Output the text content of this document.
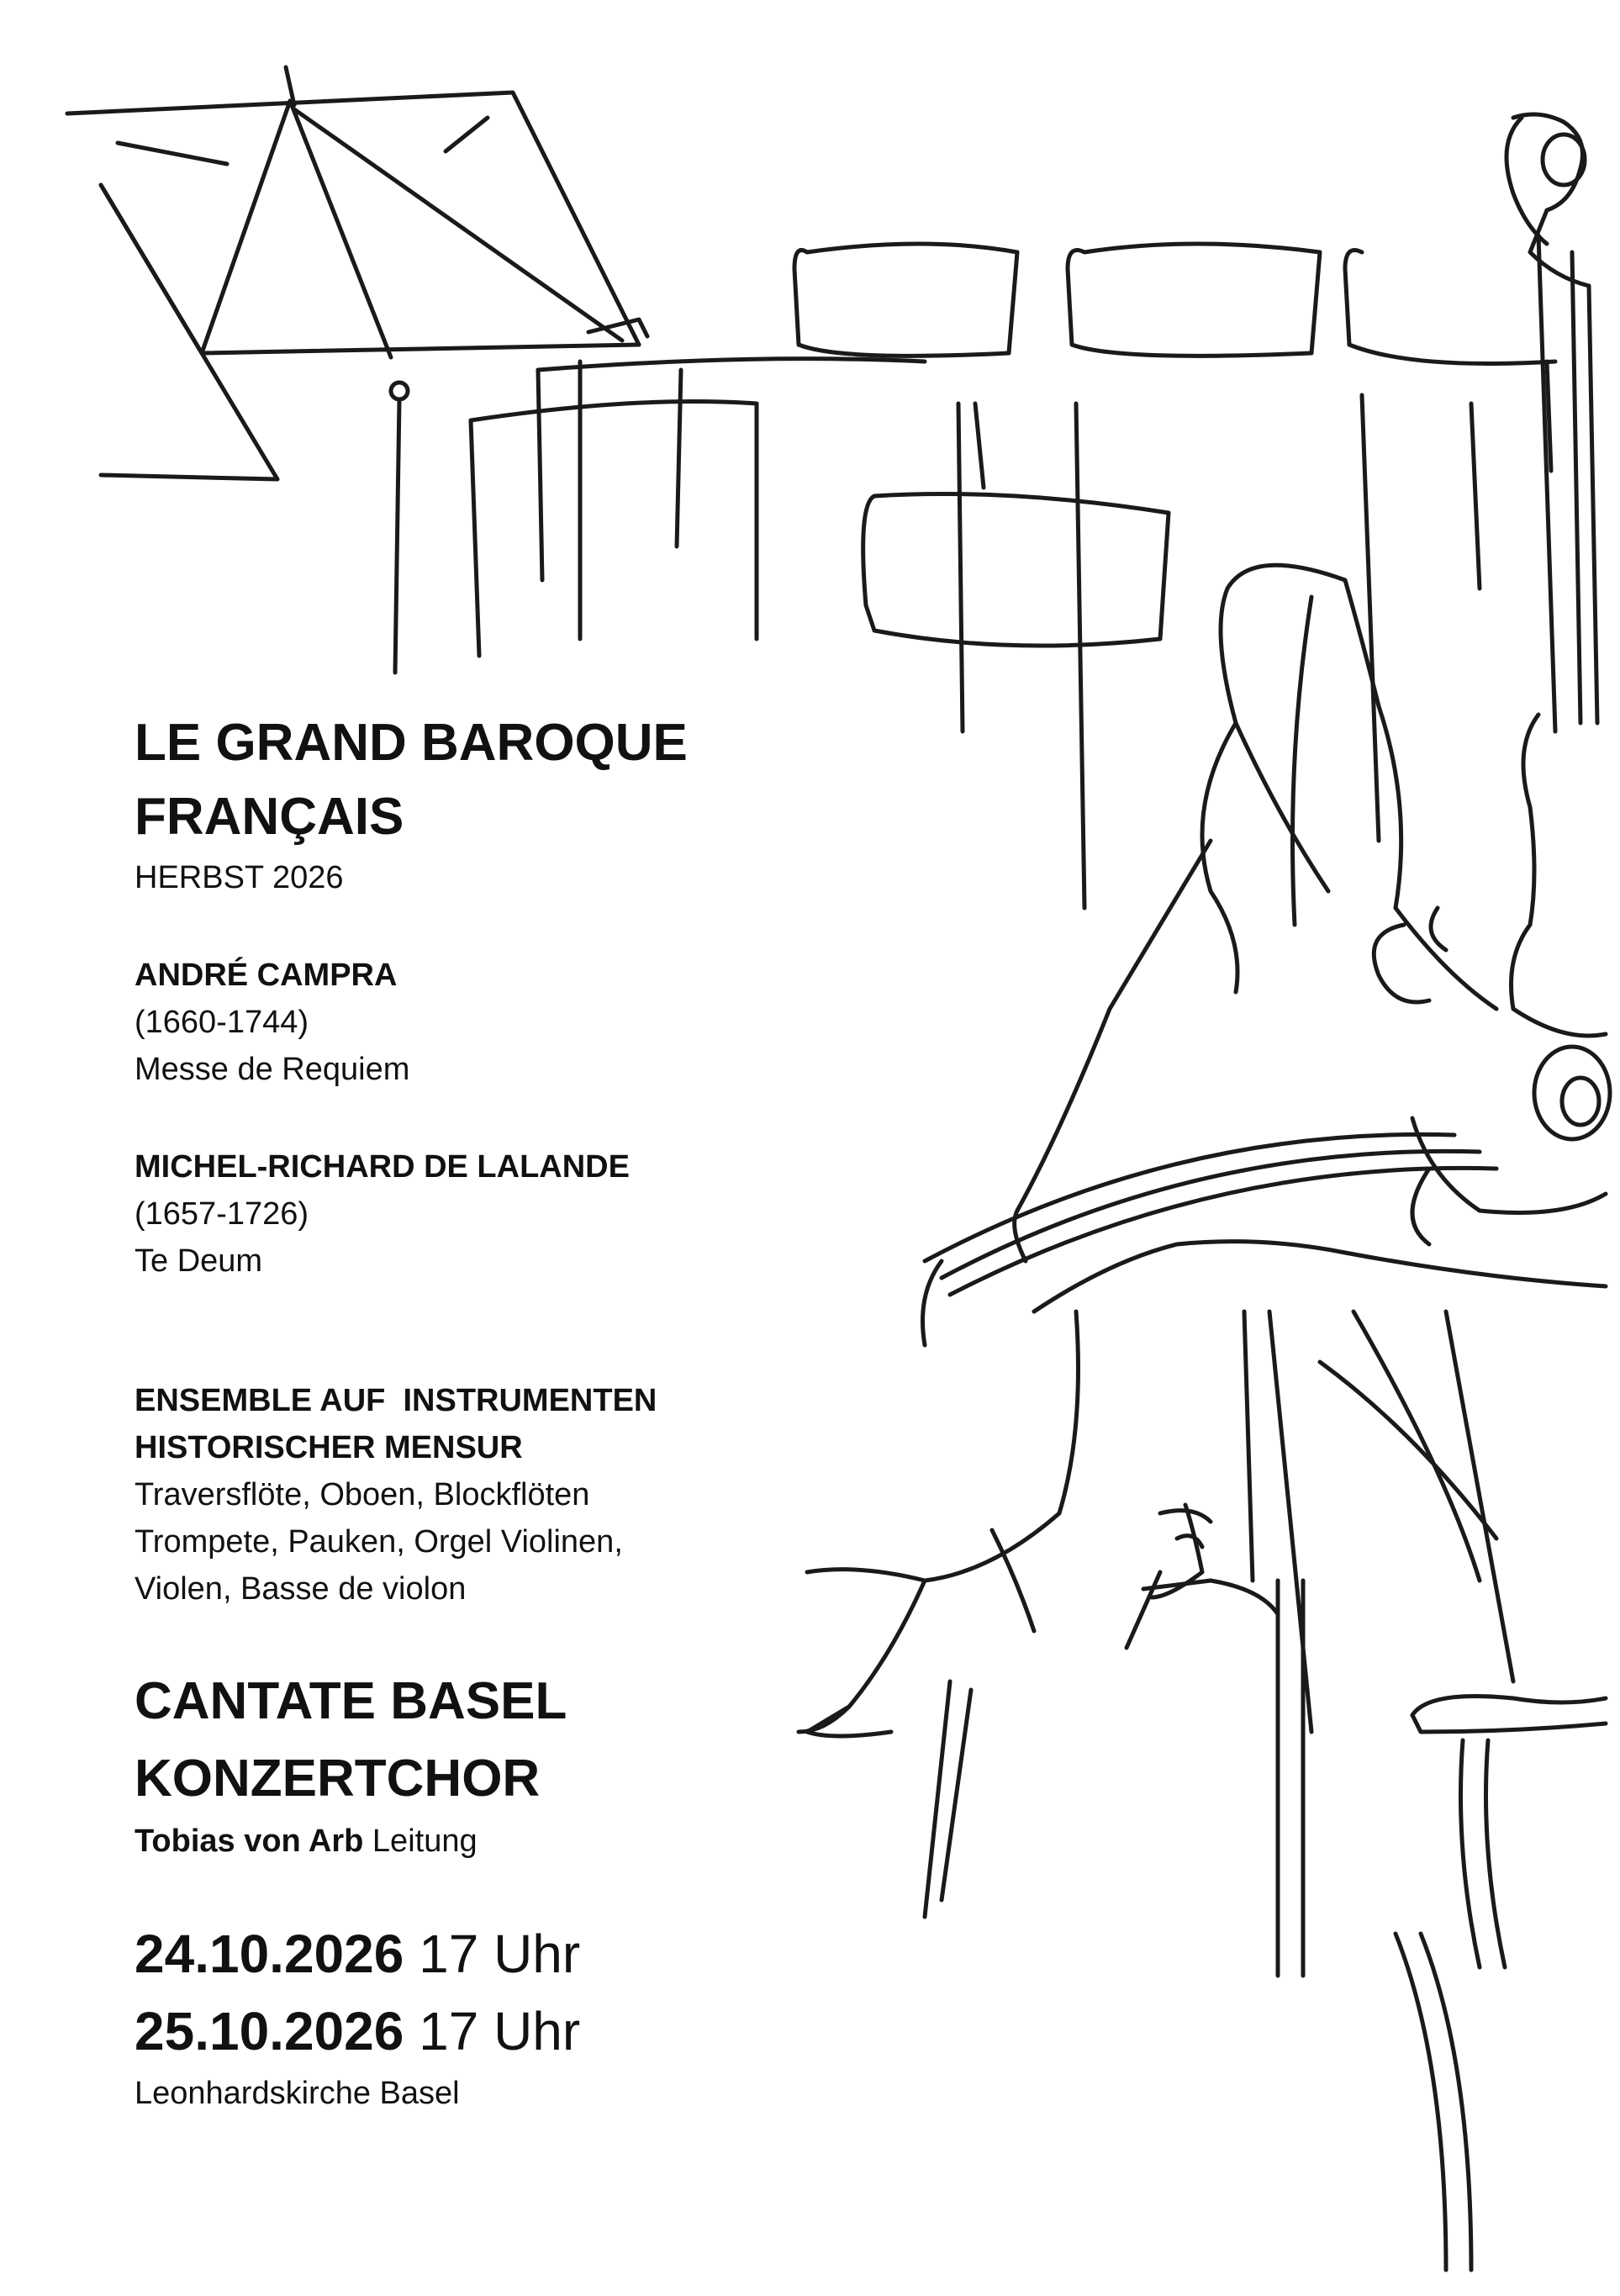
LE GRAND BAROQUE

FRANÇAIS

HERBST 2026

ANDRÉ CAMPRA

(1660-1744)

Messe de Requiem

MICHEL-RICHARD DE LALANDE

(1657-1726)

Te Deum

ENSEMBLE AUF  INSTRUMENTEN

HISTORISCHER MENSUR

Traversflöte, Oboen, Blockflöten

Trompete, Pauken, Orgel Violinen,

Violen, Basse de violon

CANTATE BASEL

KONZERTCHOR

Tobias von Arb Leitung

24.10.2026 17 Uhr

25.10.2026 17 Uhr

Leonhardskirche Basel
